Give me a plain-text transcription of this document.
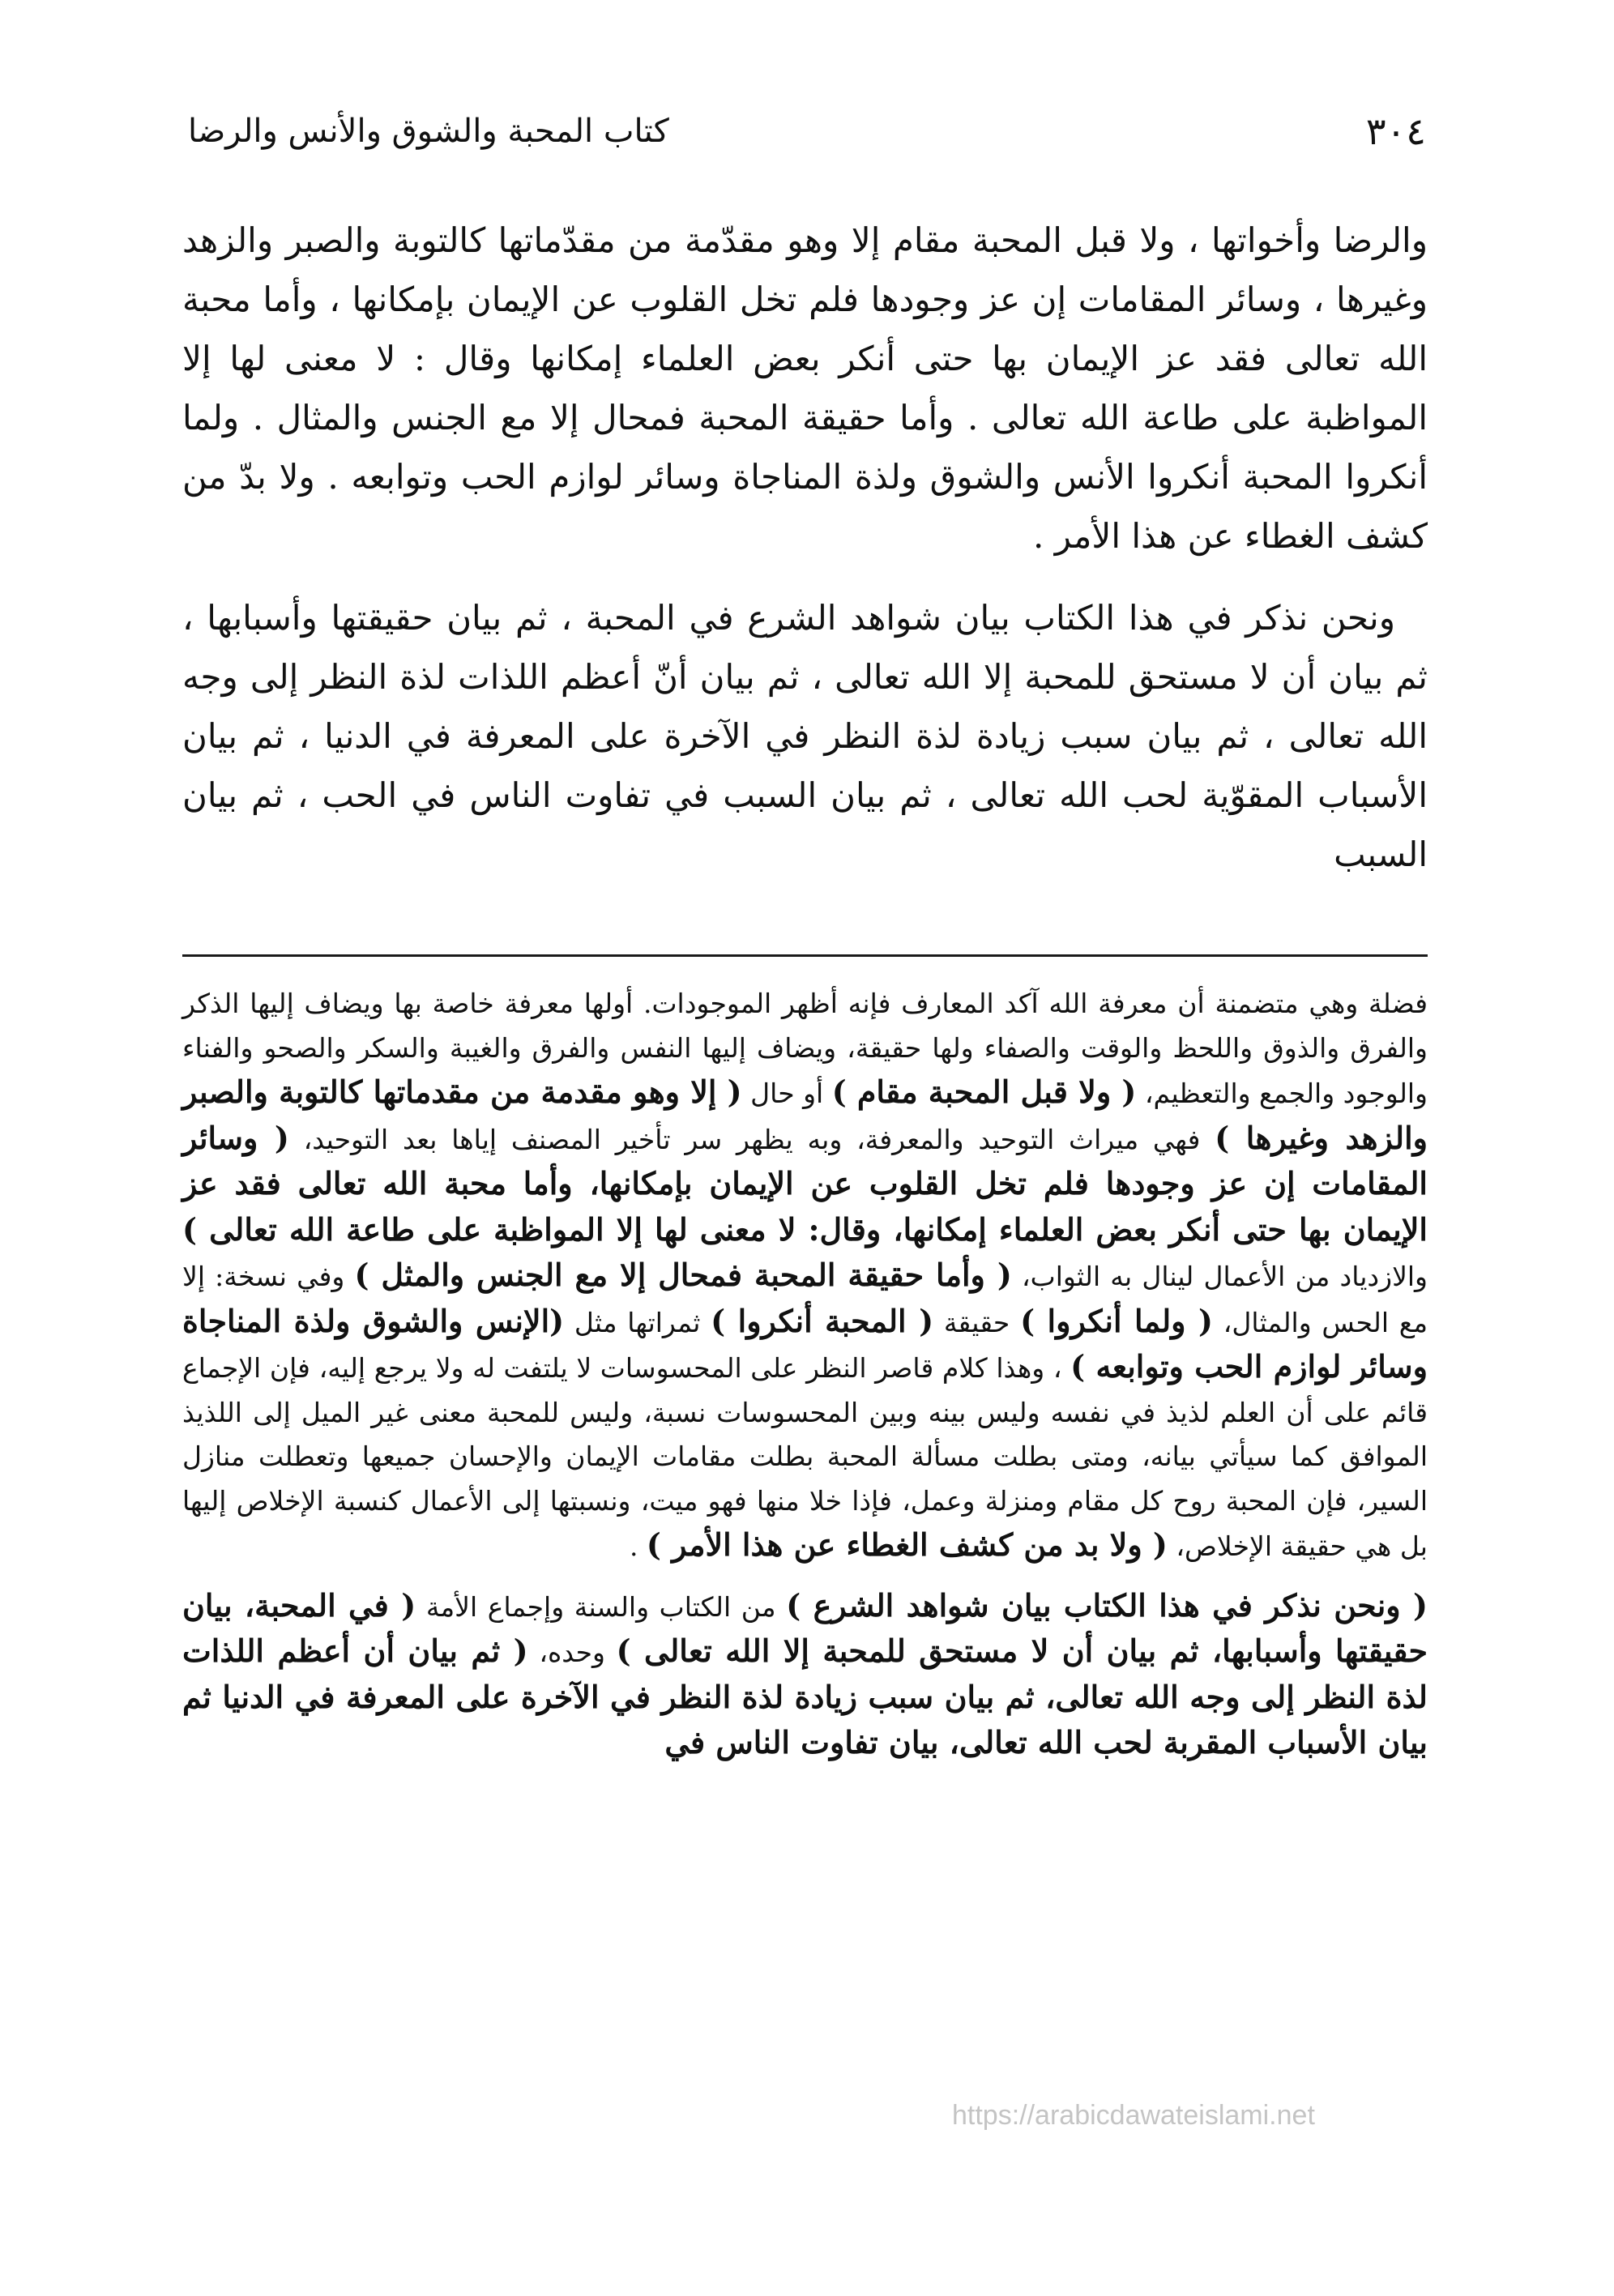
٣٠٤
كتاب المحبة والشوق والأنس والرضا

والرضا وأخواتها ، ولا قبل المحبة مقام إلا وهو مقدّمة من مقدّماتها كالتوبة والصبر والزهد وغيرها ، وسائر المقامات إن عز وجودها فلم تخل القلوب عن الإيمان بإمكانها ، وأما محبة الله تعالى فقد عز الإيمان بها حتى أنكر بعض العلماء إمكانها وقال : لا معنى لها إلا المواظبة على طاعة الله تعالى . وأما حقيقة المحبة فمحال إلا مع الجنس والمثال . ولما أنكروا المحبة أنكروا الأنس والشوق ولذة المناجاة وسائر لوازم الحب وتوابعه . ولا بدّ من كشف الغطاء عن هذا الأمر .

ونحن نذكر في هذا الكتاب بيان شواهد الشرع في المحبة ، ثم بيان حقيقتها وأسبابها ، ثم بيان أن لا مستحق للمحبة إلا الله تعالى ، ثم بيان أنّ أعظم اللذات لذة النظر إلى وجه الله تعالى ، ثم بيان سبب زيادة لذة النظر في الآخرة على المعرفة في الدنيا ، ثم بيان الأسباب المقوّية لحب الله تعالى ، ثم بيان السبب في تفاوت الناس في الحب ، ثم بيان السبب

فضلة وهي متضمنة أن معرفة الله آكد المعارف فإنه أظهر الموجودات. أولها معرفة خاصة بها ويضاف إليها الذكر والفرق والذوق واللحظ والوقت والصفاء ولها حقيقة، ويضاف إليها النفس والفرق والغيبة والسكر والصحو والفناء والوجود والجمع والتعظيم، ( ولا قبل المحبة مقام ) أو حال ( إلا وهو مقدمة من مقدماتها كالتوبة والصبر والزهد وغيرها ) فهي ميراث التوحيد والمعرفة، وبه يظهر سر تأخير المصنف إياها بعد التوحيد، ( وسائر المقامات إن عز وجودها فلم تخل القلوب عن الإيمان بإمكانها، وأما محبة الله تعالى فقد عز الإيمان بها حتى أنكر بعض العلماء إمكانها، وقال: لا معنى لها إلا المواظبة على طاعة الله تعالى ) والازدياد من الأعمال لينال به الثواب، ( وأما حقيقة المحبة فمحال إلا مع الجنس والمثل ) وفي نسخة: إلا مع الحس والمثال، ( ولما أنكروا ) حقيقة ( المحبة أنكروا ) ثمراتها مثل (الإنس والشوق ولذة المناجاة وسائر لوازم الحب وتوابعه ) ، وهذا كلام قاصر النظر على المحسوسات لا يلتفت له ولا يرجع إليه، فإن الإجماع قائم على أن العلم لذيذ في نفسه وليس بينه وبين المحسوسات نسبة، وليس للمحبة معنى غير الميل إلى اللذيذ الموافق كما سيأتي بيانه، ومتى بطلت مسألة المحبة بطلت مقامات الإيمان والإحسان جميعها وتعطلت منازل السير، فإن المحبة روح كل مقام ومنزلة وعمل، فإذا خلا منها فهو ميت، ونسبتها إلى الأعمال كنسبة الإخلاص إليها بل هي حقيقة الإخلاص، ( ولا بد من كشف الغطاء عن هذا الأمر ) .

( ونحن نذكر في هذا الكتاب بيان شواهد الشرع ) من الكتاب والسنة وإجماع الأمة ( في المحبة، بيان حقيقتها وأسبابها، ثم بيان أن لا مستحق للمحبة إلا الله تعالى ) وحده، ( ثم بيان أن أعظم اللذات لذة النظر إلى وجه الله تعالى، ثم بيان سبب زيادة لذة النظر في الآخرة على المعرفة في الدنيا ثم بيان الأسباب المقربة لحب الله تعالى، بيان تفاوت الناس في

https://arabicdawateislami.net
